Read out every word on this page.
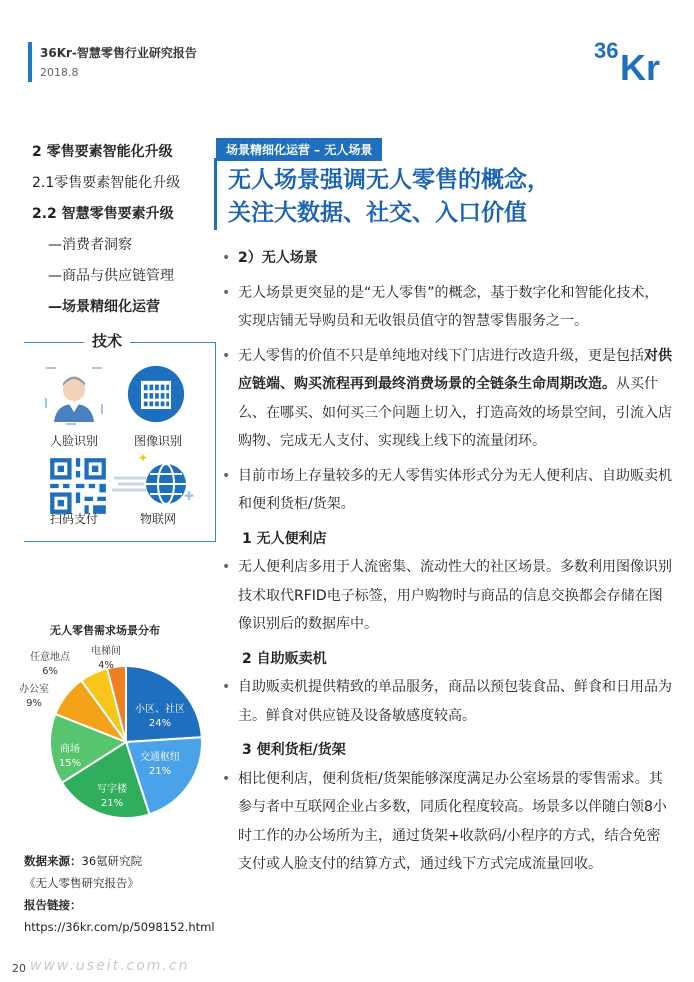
36Kr-智慧零售行业研究报告
2018.8
36 Kr
2 零售要素智能化升级
2.1零售要素智能化升级
2.2 智慧零售要素升级
—消费者洞察
—商品与供应链管理
—场景精细化运营
技术
人脸识别	图像识别
扫码支付
✦
✚
物联网
无人零售需求场景分布
小区、社区
24%
交通枢纽
21%
写字楼
21%
商场
15%
办公室
9%
任意地点
6%
电梯间
4%
数据来源：36氪研究院
《无人零售研究报告》
报告链接：
https://36kr.com/p/5098152.html
20 www.useit.com.cn
场景精细化运营 – 无人场景
无人场景强调无人零售的概念，
关注大数据、社交、入口价值
• 2）无人场景
• 无人场景更突显的是“无人零售”的概念，基于数字化和智能化技术，实现店铺无导购员和无收银员值守的智慧零售服务之一。
• 无人零售的价值不只是单纯地对线下门店进行改造升级，更是包括对供应链端、购买流程再到最终消费场景的全链条生命周期改造。从买什么、在哪买、如何买三个问题上切入，打造高效的场景空间，引流入店购物、完成无人支付、实现线上线下的流量闭环。
• 目前市场上存量较多的无人零售实体形式分为无人便利店、自助贩卖机和便利货柜/货架。
1 无人便利店
• 无人便利店多用于人流密集、流动性大的社区场景。多数利用图像识别技术取代RFID电子标签，用户购物时与商品的信息交换都会存储在图像识别后的数据库中。
2 自助贩卖机
• 自助贩卖机提供精致的单品服务，商品以预包装食品、鲜食和日用品为主。鲜食对供应链及设备敏感度较高。
3 便利货柜/货架
• 相比便利店，便利货柜/货架能够深度满足办公室场景的零售需求。其参与者中互联网企业占多数，同质化程度较高。场景多以伴随白领8小时工作的办公场所为主，通过货架+收款码/小程序的方式，结合免密支付或人脸支付的结算方式，通过线下方式完成流量回收。
